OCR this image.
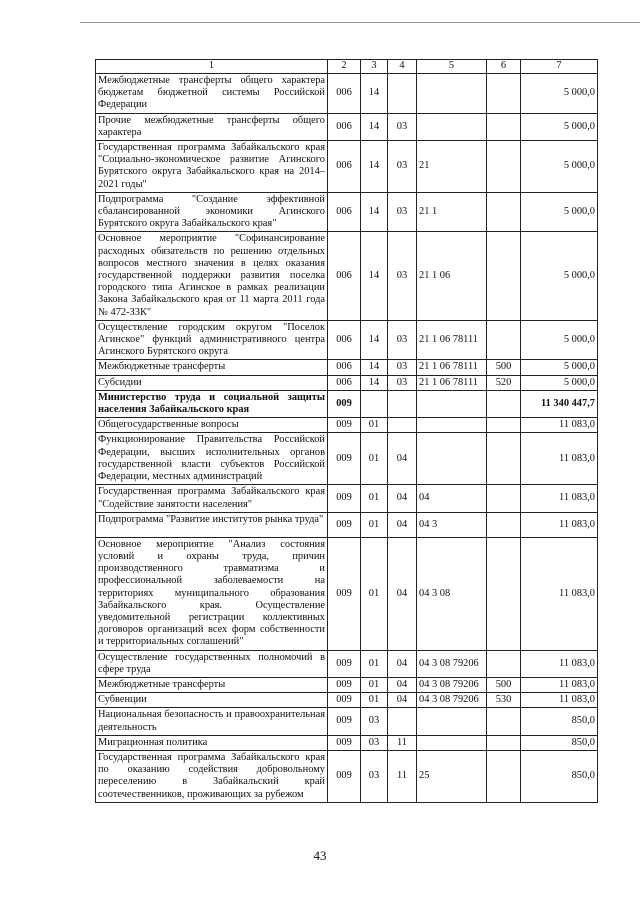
1	2	3	4	5	6	7
Межбюджетные трансферты общего характера бюджетам бюджетной системы Российской Федерации	006	14				5 000,0
Прочие межбюджетные трансферты общего характера	006	14	03			5 000,0
Государственная программа Забайкальского края "Социально-экономическое развитие Агинского Бурятского округа Забайкальского края на 2014–2021 годы"	006	14	03	21		5 000,0
Подпрограмма "Создание эффективной сбалансированной экономики Агинского Бурятского округа Забайкальского края"	006	14	03	21 1		5 000,0
Основное мероприятие "Софинансирование расходных обязательств по решению отдельных вопросов местного значения в целях оказания государственной поддержки развития поселка городского типа Агинское в рамках реализации Закона Забайкальского края от 11 марта 2011 года № 472-ЗЗК"	006	14	03	21 1 06		5 000,0
Осуществление городским округом "Поселок Агинское" функций административного центра Агинского Бурятского округа	006	14	03	21 1 06 78111		5 000,0
Межбюджетные трансферты	006	14	03	21 1 06 78111	500	5 000,0
Субсидии	006	14	03	21 1 06 78111	520	5 000,0
Министерство труда и социальной защиты населения Забайкальского края	009					11 340 447,7
Общегосударственные вопросы	009	01				11 083,0
Функционирование Правительства Российской Федерации, высших исполнительных органов государственной власти субъектов Российской Федерации, местных администраций	009	01	04			11 083,0
Государственная программа Забайкальского края "Содействие занятости населения"	009	01	04	04		11 083,0
Подпрограмма "Развитие институтов рынка труда"	009	01	04	04 3		11 083,0
Основное мероприятие "Анализ состояния условий и охраны труда, причин производственного травматизма и профессиональной заболеваемости на территориях муниципального образования Забайкальского края. Осуществление уведомительной регистрации коллективных договоров организаций всех форм собственности и территориальных соглашений"	009	01	04	04 3 08		11 083,0
Осуществление государственных полномочий в сфере труда	009	01	04	04 3 08 79206		11 083,0
Межбюджетные трансферты	009	01	04	04 3 08 79206	500	11 083,0
Субвенции	009	01	04	04 3 08 79206	530	11 083,0
Национальная безопасность и правоохранительная деятельность	009	03				850,0
Миграционная политика	009	03	11			850,0
Государственная программа Забайкальского края по оказанию содействия добровольному переселению в Забайкальский край соотечественников, проживающих за рубежом	009	03	11	25		850,0
43
